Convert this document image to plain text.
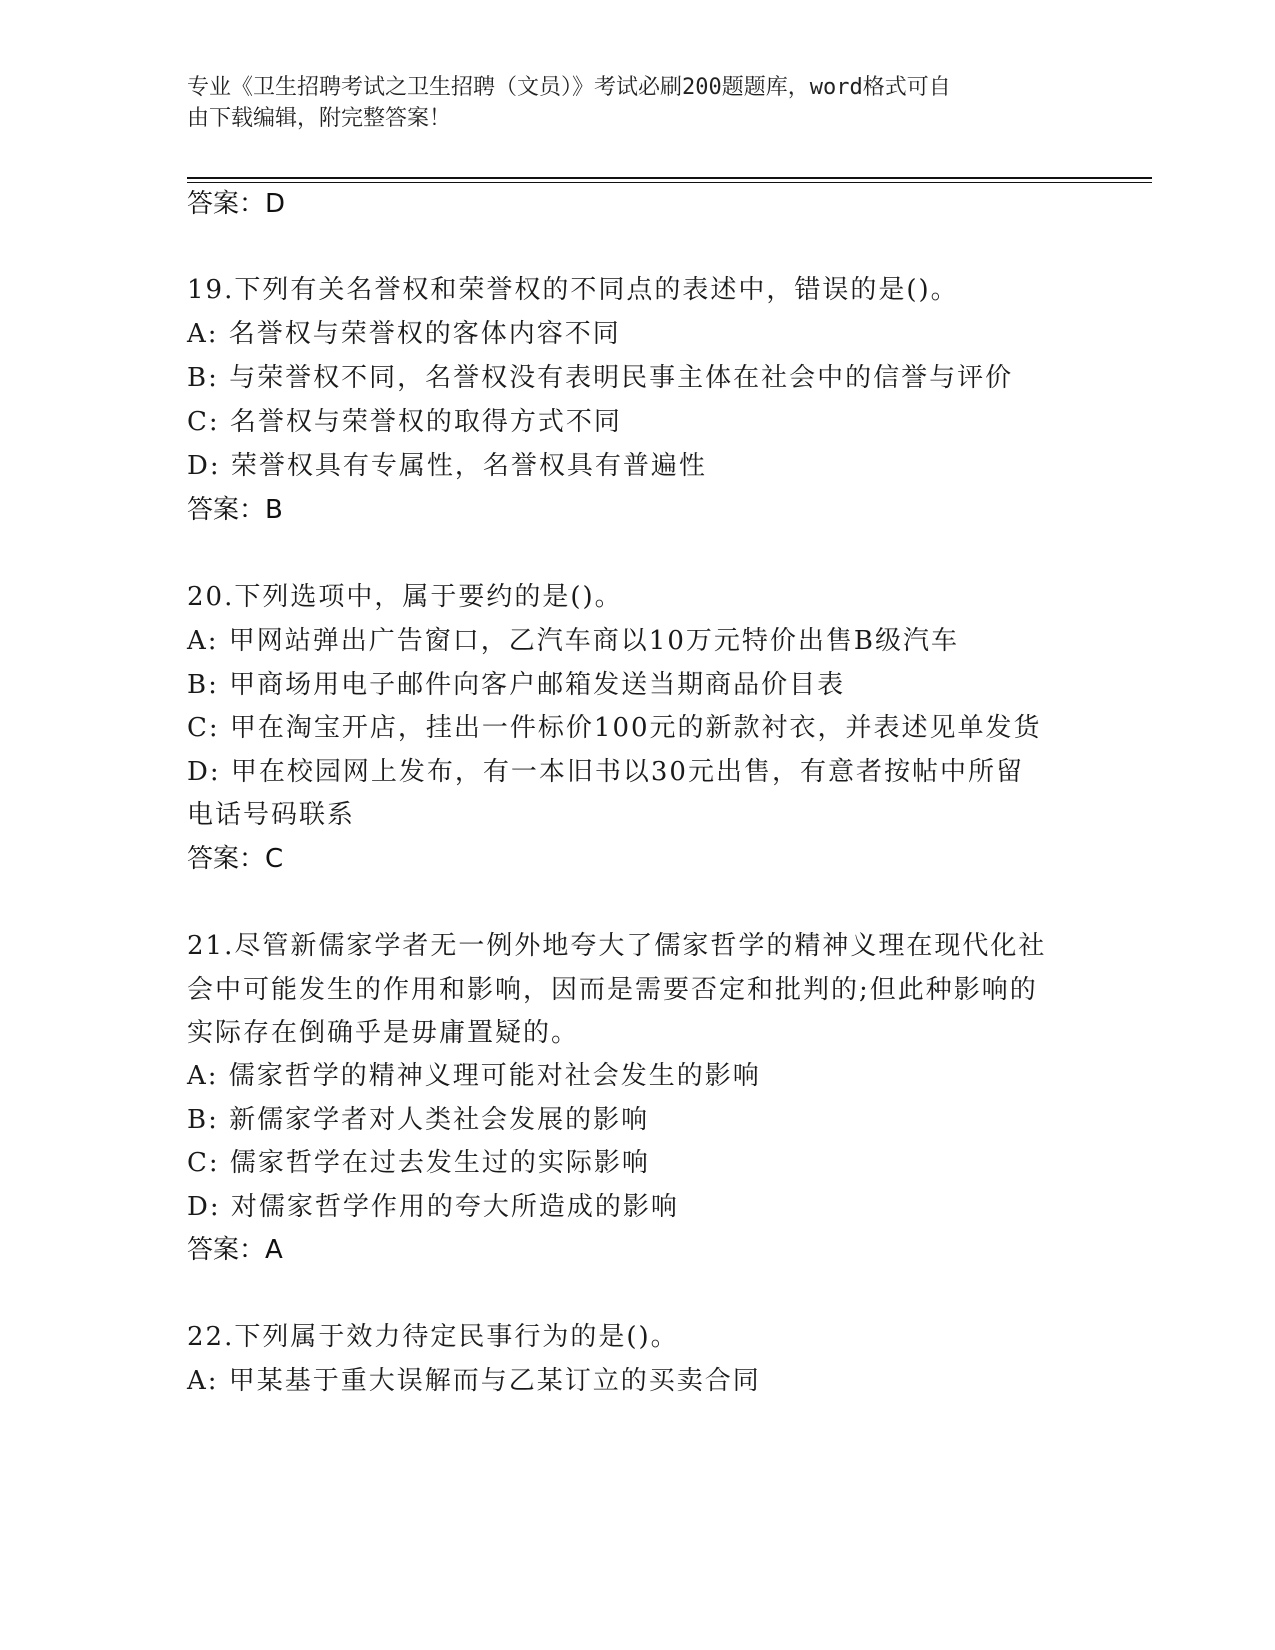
专业《卫生招聘考试之卫生招聘（文员）》考试必刷200题题库，word格式可自
由下载编辑，附完整答案！
答案：D
19.下列有关名誉权和荣誉权的不同点的表述中，错误的是()。
A: 名誉权与荣誉权的客体内容不同
B: 与荣誉权不同，名誉权没有表明民事主体在社会中的信誉与评价
C: 名誉权与荣誉权的取得方式不同
D: 荣誉权具有专属性，名誉权具有普遍性
答案：B
20.下列选项中，属于要约的是()。
A: 甲网站弹出广告窗口，乙汽车商以10万元特价出售B级汽车
B: 甲商场用电子邮件向客户邮箱发送当期商品价目表
C: 甲在淘宝开店，挂出一件标价100元的新款衬衣，并表述见单发货
D: 甲在校园网上发布，有一本旧书以30元出售，有意者按帖中所留
电话号码联系
答案：C
21.尽管新儒家学者无一例外地夸大了儒家哲学的精神义理在现代化社
会中可能发生的作用和影响，因而是需要否定和批判的;但此种影响的
实际存在倒确乎是毋庸置疑的。
A: 儒家哲学的精神义理可能对社会发生的影响
B: 新儒家学者对人类社会发展的影响
C: 儒家哲学在过去发生过的实际影响
D: 对儒家哲学作用的夸大所造成的影响
答案：A
22.下列属于效力待定民事行为的是()。
A: 甲某基于重大误解而与乙某订立的买卖合同
